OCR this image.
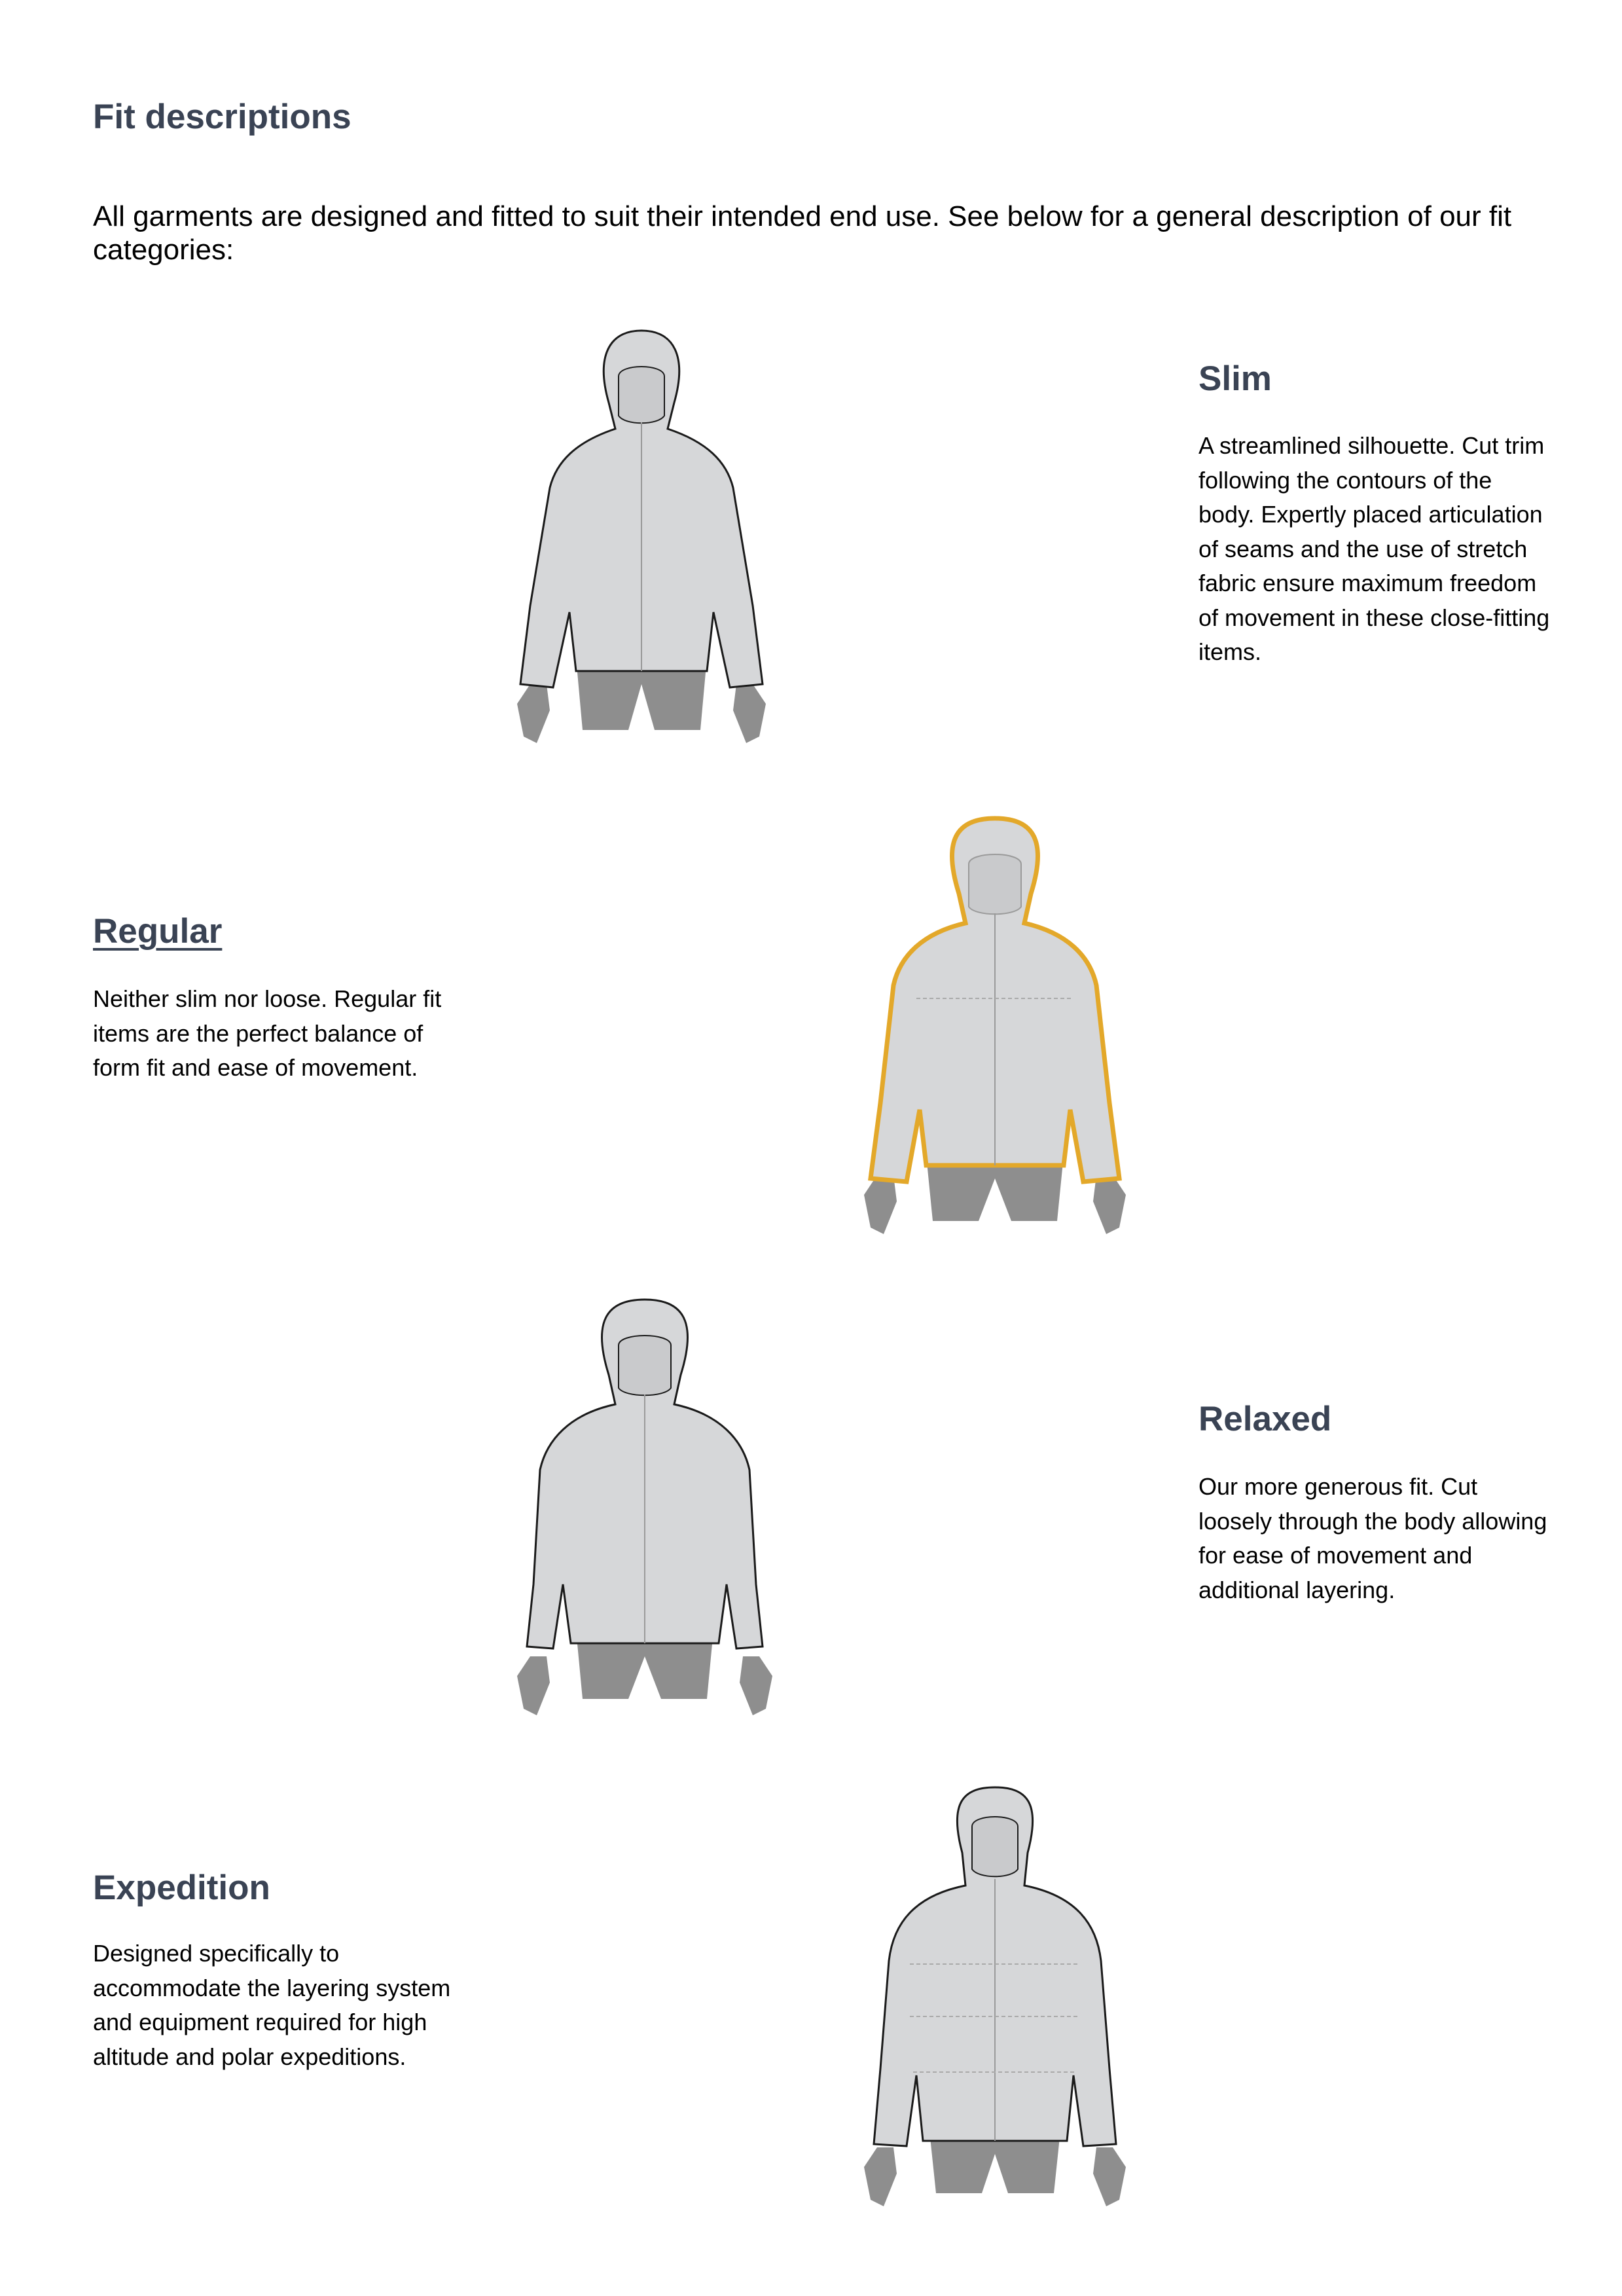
Fit descriptions

All garments are designed and fitted to suit their intended end use. See below for a general description of our fit categories:

Slim

A streamlined silhouette. Cut trim following the contours of the body. Expertly placed articulation of seams and the use of stretch fabric ensure maximum freedom of movement in these close-fitting items.

Regular

Neither slim nor loose. Regular fit items are the perfect balance of form fit and ease of movement.

Relaxed

Our more generous fit. Cut loosely through the body allowing for ease of movement and additional layering.

Expedition

Designed specifically to accommodate the layering system and equipment required for high altitude and polar expeditions.
